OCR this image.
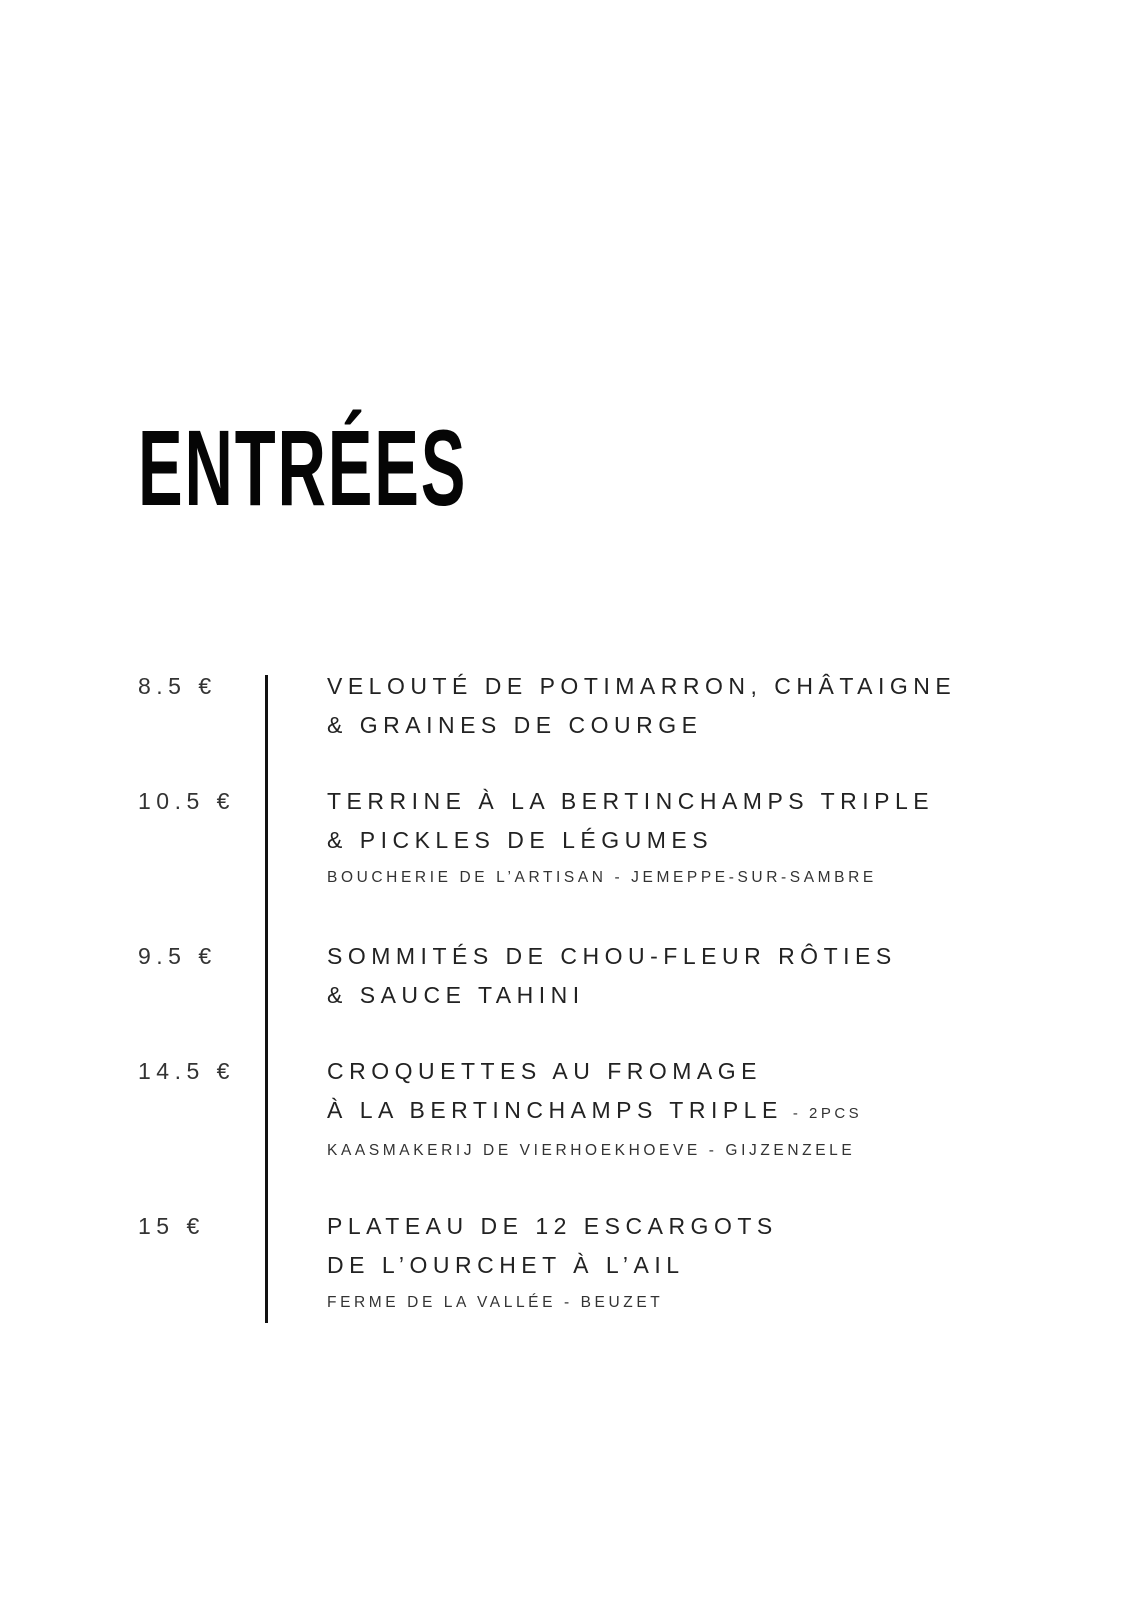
ENTRÉES
8.5 €	VELOUTÉ DE POTIMARRON, CHÂTAIGNE
& GRAINES DE COURGE
10.5 €	TERRINE À LA BERTINCHAMPS TRIPLE
& PICKLES DE LÉGUMES
BOUCHERIE DE L’ARTISAN - JEMEPPE-SUR-SAMBRE
9.5 €	SOMMITÉS DE CHOU-FLEUR RÔTIES
& SAUCE TAHINI
14.5 €	CROQUETTES AU FROMAGE
À LA BERTINCHAMPS TRIPLE - 2PCS
KAASMAKERIJ DE VIERHOEKHOEVE - GIJZENZELE
15 €	PLATEAU DE 12 ESCARGOTS
DE L’OURCHET À L’AIL
FERME DE LA VALLÉE - BEUZET
